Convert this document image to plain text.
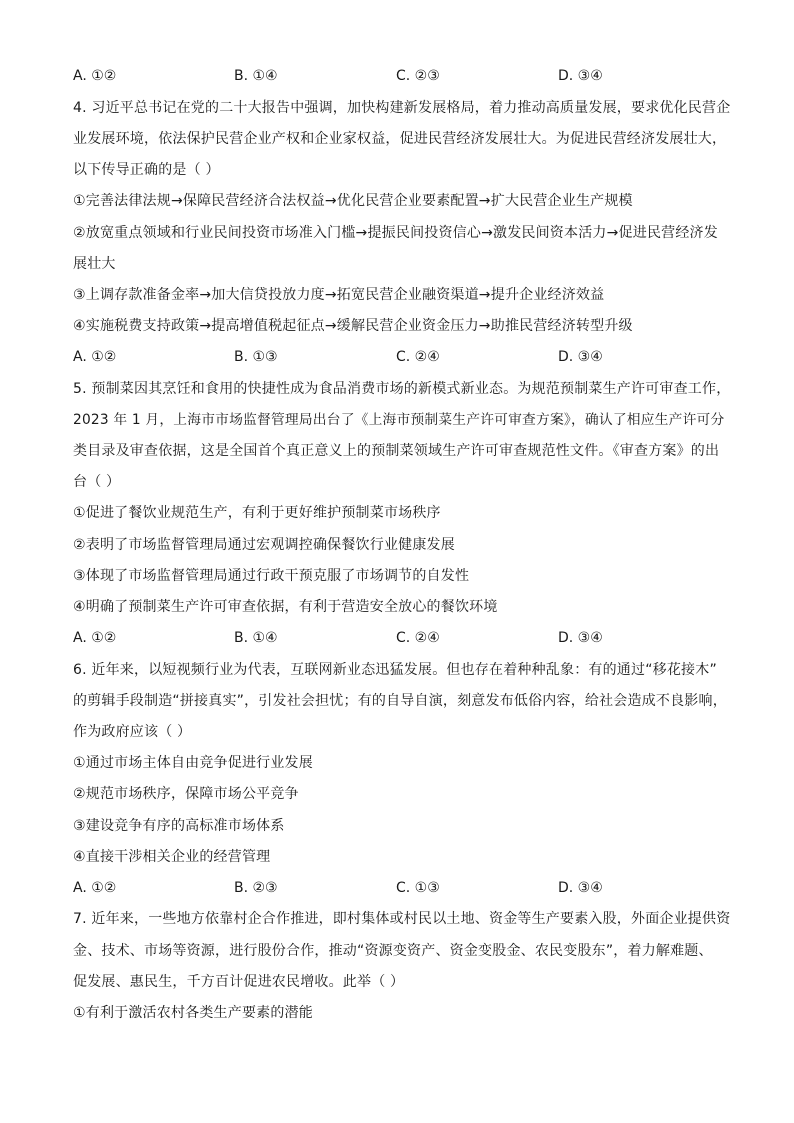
A. ①②	B. ①④	C. ②③	D. ③④
4. 习近平总书记在党的二十大报告中强调，加快构建新发展格局，着力推动高质量发展，要求优化民营企
业发展环境，依法保护民营企业产权和企业家权益，促进民营经济发展壮大。为促进民营经济发展壮大，
以下传导正确的是（ ）
①完善法律法规→保障民营经济合法权益→优化民营企业要素配置→扩大民营企业生产规模
②放宽重点领域和行业民间投资市场准入门槛→提振民间投资信心→激发民间资本活力→促进民营经济发
展壮大
③上调存款准备金率→加大信贷投放力度→拓宽民营企业融资渠道→提升企业经济效益
④实施税费支持政策→提高增值税起征点→缓解民营企业资金压力→助推民营经济转型升级
A. ①②	B. ①③	C. ②④	D. ③④
5. 预制菜因其烹饪和食用的快捷性成为食品消费市场的新模式新业态。为规范预制菜生产许可审查工作，
2023 年 1 月，上海市市场监督管理局出台了《上海市预制菜生产许可审查方案》，确认了相应生产许可分
类目录及审查依据，这是全国首个真正意义上的预制菜领域生产许可审查规范性文件。《审查方案》的出
台（ ）
①促进了餐饮业规范生产，有利于更好维护预制菜市场秩序
②表明了市场监督管理局通过宏观调控确保餐饮行业健康发展
③体现了市场监督管理局通过行政干预克服了市场调节的自发性
④明确了预制菜生产许可审查依据，有利于营造安全放心的餐饮环境
A. ①②	B. ①④	C. ②④	D. ③④
6. 近年来，以短视频行业为代表，互联网新业态迅猛发展。但也存在着种种乱象：有的通过“移花接木”
的剪辑手段制造“拼接真实”，引发社会担忧；有的自导自演，刻意发布低俗内容，给社会造成不良影响，
作为政府应该（ ）
①通过市场主体自由竞争促进行业发展
②规范市场秩序，保障市场公平竞争
③建设竞争有序的高标准市场体系
④直接干涉相关企业的经营管理
A. ①②	B. ②③	C. ①③	D. ③④
7. 近年来，一些地方依靠村企合作推进，即村集体或村民以土地、资金等生产要素入股，外面企业提供资
金、技术、市场等资源，进行股份合作，推动“资源变资产、资金变股金、农民变股东”，着力解难题、
促发展、惠民生，千方百计促进农民增收。此举（ ）
①有利于激活农村各类生产要素的潜能
